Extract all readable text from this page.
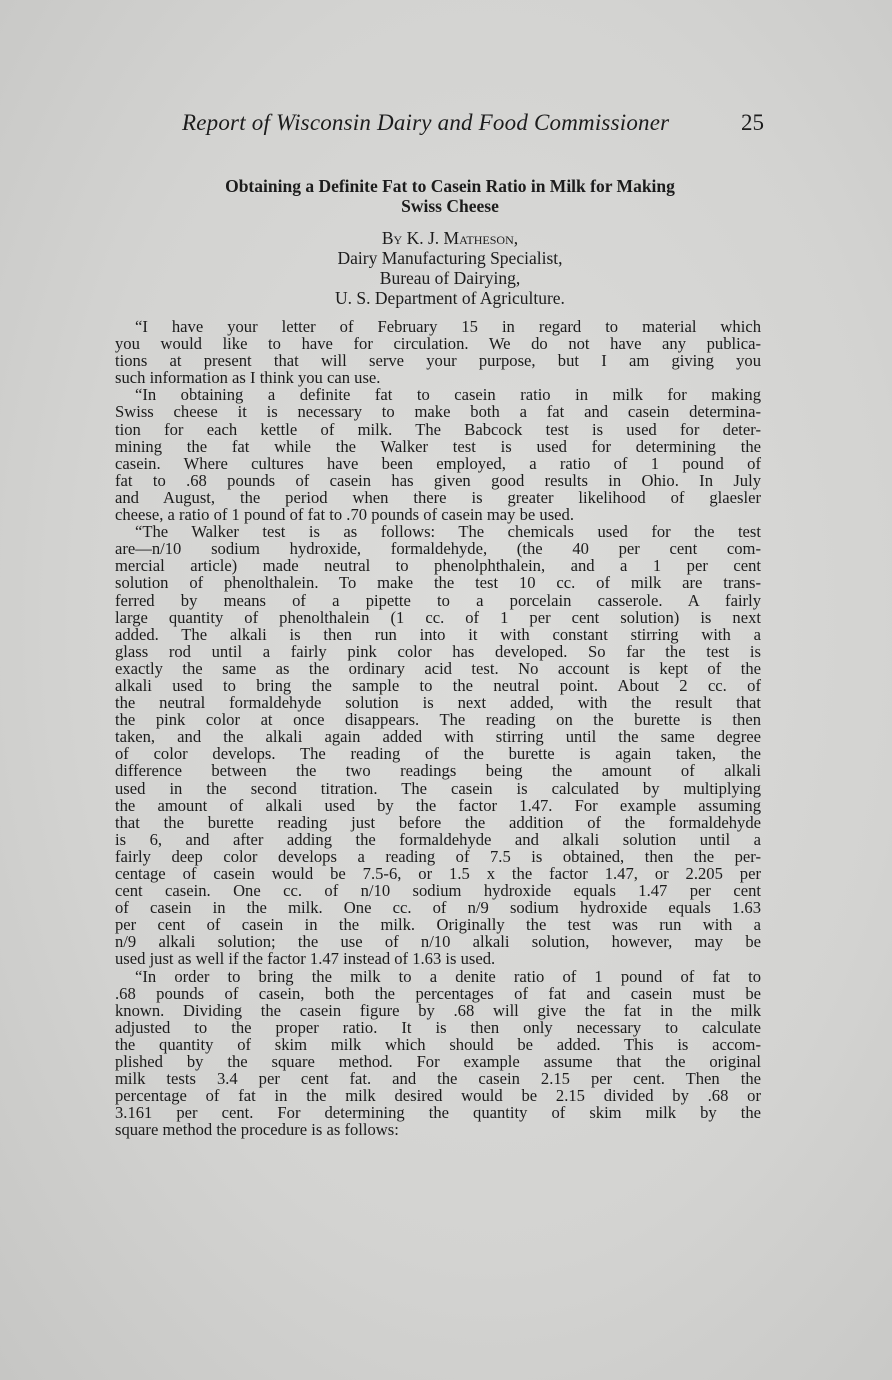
Report of Wisconsin Dairy and Food Commissioner	25
Obtaining a Definite Fat to Casein Ratio in Milk for Making
Swiss Cheese
By K. J. Matheson,
Dairy Manufacturing Specialist,
Bureau of Dairying,
U. S. Department of Agriculture.
“I have your letter of February 15 in regard to material which
you would like to have for circulation. We do not have any publica-
tions at present that will serve your purpose, but I am giving you
such information as I think you can use.
“In obtaining a definite fat to casein ratio in milk for making
Swiss cheese it is necessary to make both a fat and casein determina-
tion for each kettle of milk. The Babcock test is used for deter-
mining the fat while the Walker test is used for determining the
casein. Where cultures have been employed, a ratio of 1 pound of
fat to .68 pounds of casein has given good results in Ohio. In July
and August, the period when there is greater likelihood of glaesler
cheese, a ratio of 1 pound of fat to .70 pounds of casein may be used.
“The Walker test is as follows: The chemicals used for the test
are—n/10 sodium hydroxide, formaldehyde, (the 40 per cent com-
mercial article) made neutral to phenolphthalein, and a 1 per cent
solution of phenolthalein. To make the test 10 cc. of milk are trans-
ferred by means of a pipette to a porcelain casserole. A fairly
large quantity of phenolthalein (1 cc. of 1 per cent solution) is next
added. The alkali is then run into it with constant stirring with a
glass rod until a fairly pink color has developed. So far the test is
exactly the same as the ordinary acid test. No account is kept of the
alkali used to bring the sample to the neutral point. About 2 cc. of
the neutral formaldehyde solution is next added, with the result that
the pink color at once disappears. The reading on the burette is then
taken, and the alkali again added with stirring until the same degree
of color develops. The reading of the burette is again taken, the
difference between the two readings being the amount of alkali
used in the second titration. The casein is calculated by multiplying
the amount of alkali used by the factor 1.47. For example assuming
that the burette reading just before the addition of the formaldehyde
is 6, and after adding the formaldehyde and alkali solution until a
fairly deep color develops a reading of 7.5 is obtained, then the per-
centage of casein would be 7.5-6, or 1.5 x the factor 1.47, or 2.205 per
cent casein. One cc. of n/10 sodium hydroxide equals 1.47 per cent
of casein in the milk. One cc. of n/9 sodium hydroxide equals 1.63
per cent of casein in the milk. Originally the test was run with a
n/9 alkali solution; the use of n/10 alkali solution, however, may be
used just as well if the factor 1.47 instead of 1.63 is used.
“In order to bring the milk to a denite ratio of 1 pound of fat to
.68 pounds of casein, both the percentages of fat and casein must be
known. Dividing the casein figure by .68 will give the fat in the milk
adjusted to the proper ratio. It is then only necessary to calculate
the quantity of skim milk which should be added. This is accom-
plished by the square method. For example assume that the original
milk tests 3.4 per cent fat. and the casein 2.15 per cent. Then the
percentage of fat in the milk desired would be 2.15 divided by .68 or
3.161 per cent. For determining the quantity of skim milk by the
square method the procedure is as follows:
